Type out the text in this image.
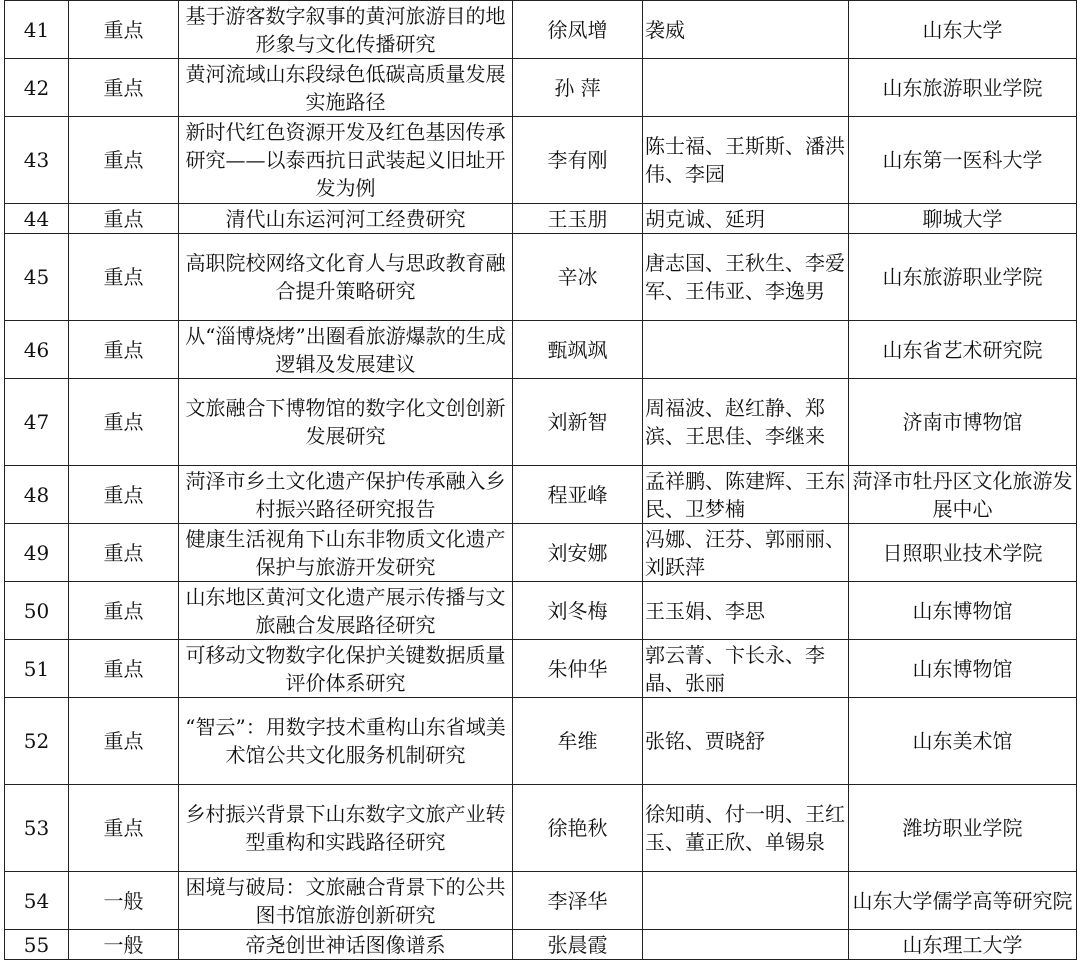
41	重点	基于游客数字叙事的黄河旅游目的地形象与文化传播研究	徐凤增	袭威	山东大学
42	重点	黄河流域山东段绿色低碳高质量发展实施路径	孙 萍		山东旅游职业学院
43	重点	新时代红色资源开发及红色基因传承研究——以泰西抗日武装起义旧址开发为例	李有刚	陈士福、王斯斯、潘洪伟、李园	山东第一医科大学
44	重点	清代山东运河河工经费研究	王玉朋	胡克诚、延玥	聊城大学
45	重点	高职院校网络文化育人与思政教育融合提升策略研究	辛冰	唐志国、王秋生、李爱军、王伟亚、李逸男	山东旅游职业学院
46	重点	从“淄博烧烤”出圈看旅游爆款的生成逻辑及发展建议	甄飒飒		山东省艺术研究院
47	重点	文旅融合下博物馆的数字化文创创新发展研究	刘新智	周福波、赵红静、郑滨、王思佳、李继来	济南市博物馆
48	重点	菏泽市乡土文化遗产保护传承融入乡村振兴路径研究报告	程亚峰	孟祥鹏、陈建辉、王东民、卫梦楠	菏泽市牡丹区文化旅游发展中心
49	重点	健康生活视角下山东非物质文化遗产保护与旅游开发研究	刘安娜	冯娜、汪芬、郭丽丽、刘跃萍	日照职业技术学院
50	重点	山东地区黄河文化遗产展示传播与文旅融合发展路径研究	刘冬梅	王玉娟、李思	山东博物馆
51	重点	可移动文物数字化保护关键数据质量评价体系研究	朱仲华	郭云菁、卞长永、李晶、张丽	山东博物馆
52	重点	“智云”：用数字技术重构山东省域美术馆公共文化服务机制研究	牟维	张铭、贾晓舒	山东美术馆
53	重点	乡村振兴背景下山东数字文旅产业转型重构和实践路径研究	徐艳秋	徐知萌、付一明、王红玉、董正欣、单锡泉	潍坊职业学院
54	一般	困境与破局：文旅融合背景下的公共图书馆旅游创新研究	李泽华		山东大学儒学高等研究院
55	一般	帝尧创世神话图像谱系	张晨霞		山东理工大学
